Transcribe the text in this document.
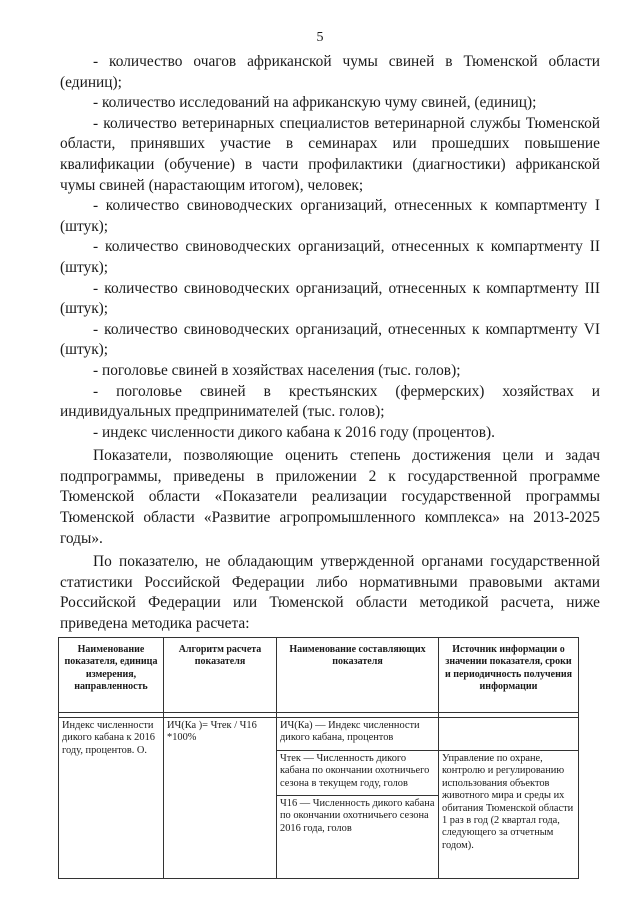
5

- количество очагов африканской чумы свиней в Тюменской области (единиц);

- количество исследований на африканскую чуму свиней, (единиц);

- количество ветеринарных специалистов ветеринарной службы Тюменской области, принявших участие в семинарах или прошедших повышение квалификации (обучение) в части профилактики (диагностики) африканской чумы свиней (нарастающим итогом), человек;

- количество свиноводческих организаций, отнесенных к компартменту I (штук);

- количество свиноводческих организаций, отнесенных к компартменту II (штук);

- количество свиноводческих организаций, отнесенных к компартменту III (штук);

- количество свиноводческих организаций, отнесенных к компартменту VI (штук);

- поголовье свиней в хозяйствах населения (тыс. голов);

- поголовье свиней в крестьянских (фермерских) хозяйствах и индивидуальных предпринимателей (тыс. голов);

- индекс численности дикого кабана к 2016 году (процентов).

Показатели, позволяющие оценить степень достижения цели и задач подпрограммы, приведены в приложении 2 к государственной программе Тюменской области «Показатели реализации государственной программы Тюменской области «Развитие агропромышленного комплекса» на 2013-2025 годы».

По показателю, не обладающим утвержденной органами государственной статистики Российской Федерации либо нормативными правовыми актами Российской Федерации или Тюменской области методикой расчета, ниже приведена методика расчета:

Наименование показателя, единица измерения, направленность	Алгоритм расчета показателя	Наименование составляющих показателя	Источник информации о значении показателя, сроки и периодичность получения информации

Индекс численности дикого кабана к 2016 году, процентов. О.	ИЧ(Ка )= Чтек / Ч16 *100%	ИЧ(Ка) — Индекс численности дикого кабана, процентов	
		Чтек — Численность дикого кабана по окончании охотничьего сезона в текущем году, голов	Управление по охране, контролю и регулированию использования объектов животного мира и среды их обитания Тюменской области
1 раз в год (2 квартал года, следующего за отчетным годом).
		Ч16 — Численность дикого кабана по окончании охотничьего сезона 2016 года, голов	
